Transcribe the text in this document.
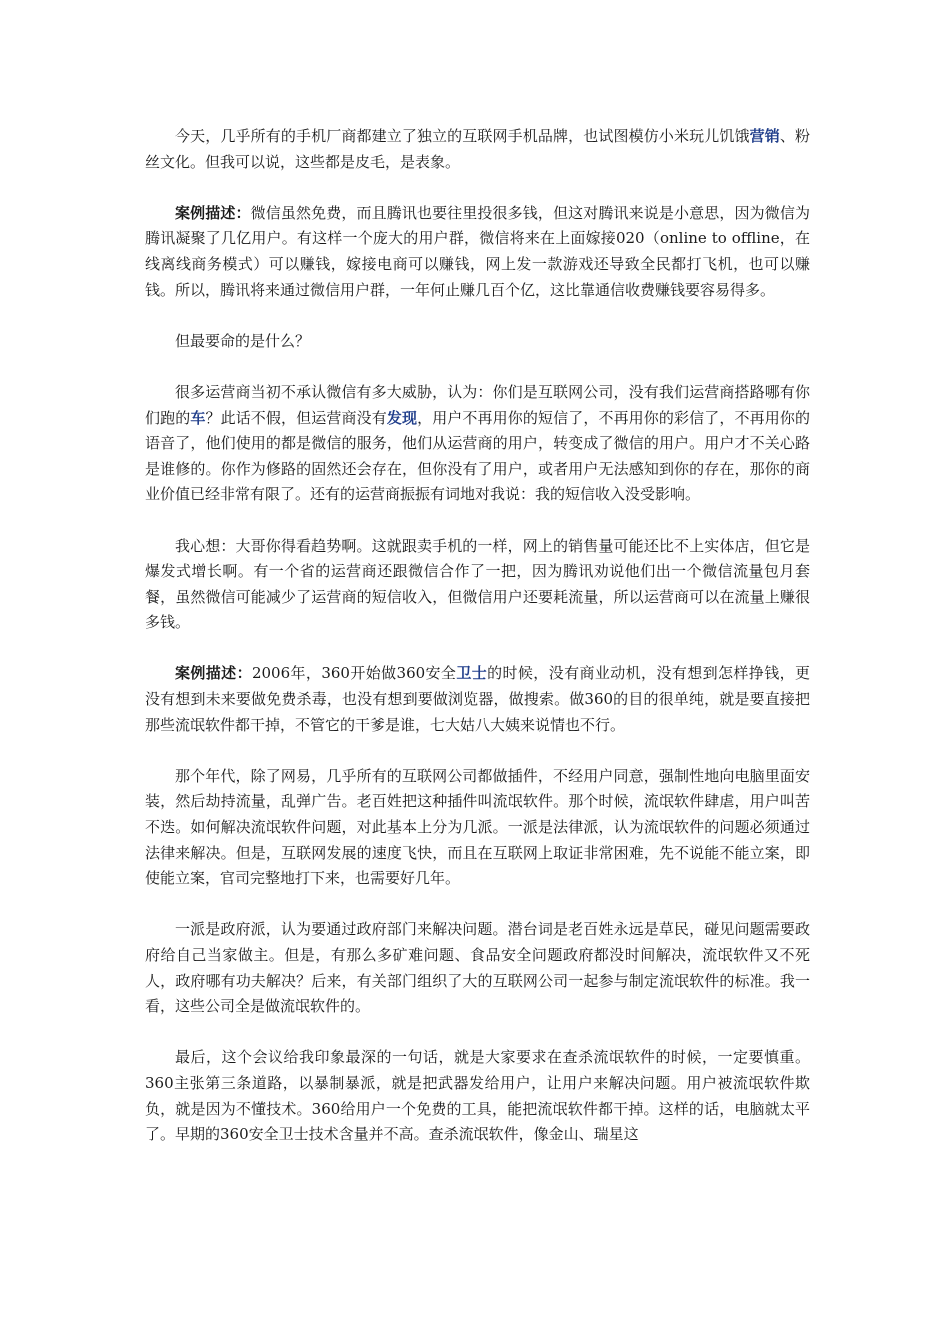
今天，几乎所有的手机厂商都建立了独立的互联网手机品牌，也试图模仿小米玩儿饥饿营销、粉丝文化。但我可以说，这些都是皮毛，是表象。

案例描述：微信虽然免费，而且腾讯也要往里投很多钱，但这对腾讯来说是小意思，因为微信为腾讯凝聚了几亿用户。有这样一个庞大的用户群，微信将来在上面嫁接020（online to offline，在线离线商务模式）可以赚钱，嫁接电商可以赚钱，网上发一款游戏还导致全民都打飞机，也可以赚钱。所以，腾讯将来通过微信用户群，一年何止赚几百个亿，这比靠通信收费赚钱要容易得多。

但最要命的是什么？

很多运营商当初不承认微信有多大威胁，认为：你们是互联网公司，没有我们运营商搭路哪有你们跑的车？此话不假，但运营商没有发现，用户不再用你的短信了，不再用你的彩信了，不再用你的语音了，他们使用的都是微信的服务，他们从运营商的用户，转变成了微信的用户。用户才不关心路是谁修的。你作为修路的固然还会存在，但你没有了用户，或者用户无法感知到你的存在，那你的商业价值已经非常有限了。还有的运营商振振有词地对我说：我的短信收入没受影响。

我心想：大哥你得看趋势啊。这就跟卖手机的一样，网上的销售量可能还比不上实体店，但它是爆发式增长啊。有一个省的运营商还跟微信合作了一把，因为腾讯劝说他们出一个微信流量包月套餐，虽然微信可能减少了运营商的短信收入，但微信用户还要耗流量，所以运营商可以在流量上赚很多钱。

案例描述：2006年，360开始做360安全卫士的时候，没有商业动机，没有想到怎样挣钱，更没有想到未来要做免费杀毒，也没有想到要做浏览器，做搜索。做360的目的很单纯，就是要直接把那些流氓软件都干掉，不管它的干爹是谁，七大姑八大姨来说情也不行。

那个年代，除了网易，几乎所有的互联网公司都做插件，不经用户同意，强制性地向电脑里面安装，然后劫持流量，乱弹广告。老百姓把这种插件叫流氓软件。那个时候，流氓软件肆虐，用户叫苦不迭。如何解决流氓软件问题，对此基本上分为几派。一派是法律派，认为流氓软件的问题必须通过法律来解决。但是，互联网发展的速度飞快，而且在互联网上取证非常困难，先不说能不能立案，即使能立案，官司完整地打下来，也需要好几年。

一派是政府派，认为要通过政府部门来解决问题。潜台词是老百姓永远是草民，碰见问题需要政府给自己当家做主。但是，有那么多矿难问题、食品安全问题政府都没时间解决，流氓软件又不死人，政府哪有功夫解决？后来，有关部门组织了大的互联网公司一起参与制定流氓软件的标准。我一看，这些公司全是做流氓软件的。

最后，这个会议给我印象最深的一句话，就是大家要求在查杀流氓软件的时候，一定要慎重。360主张第三条道路，以暴制暴派，就是把武器发给用户，让用户来解决问题。用户被流氓软件欺负，就是因为不懂技术。360给用户一个免费的工具，能把流氓软件都干掉。这样的话，电脑就太平了。早期的360安全卫士技术含量并不高。查杀流氓软件，像金山、瑞星这
